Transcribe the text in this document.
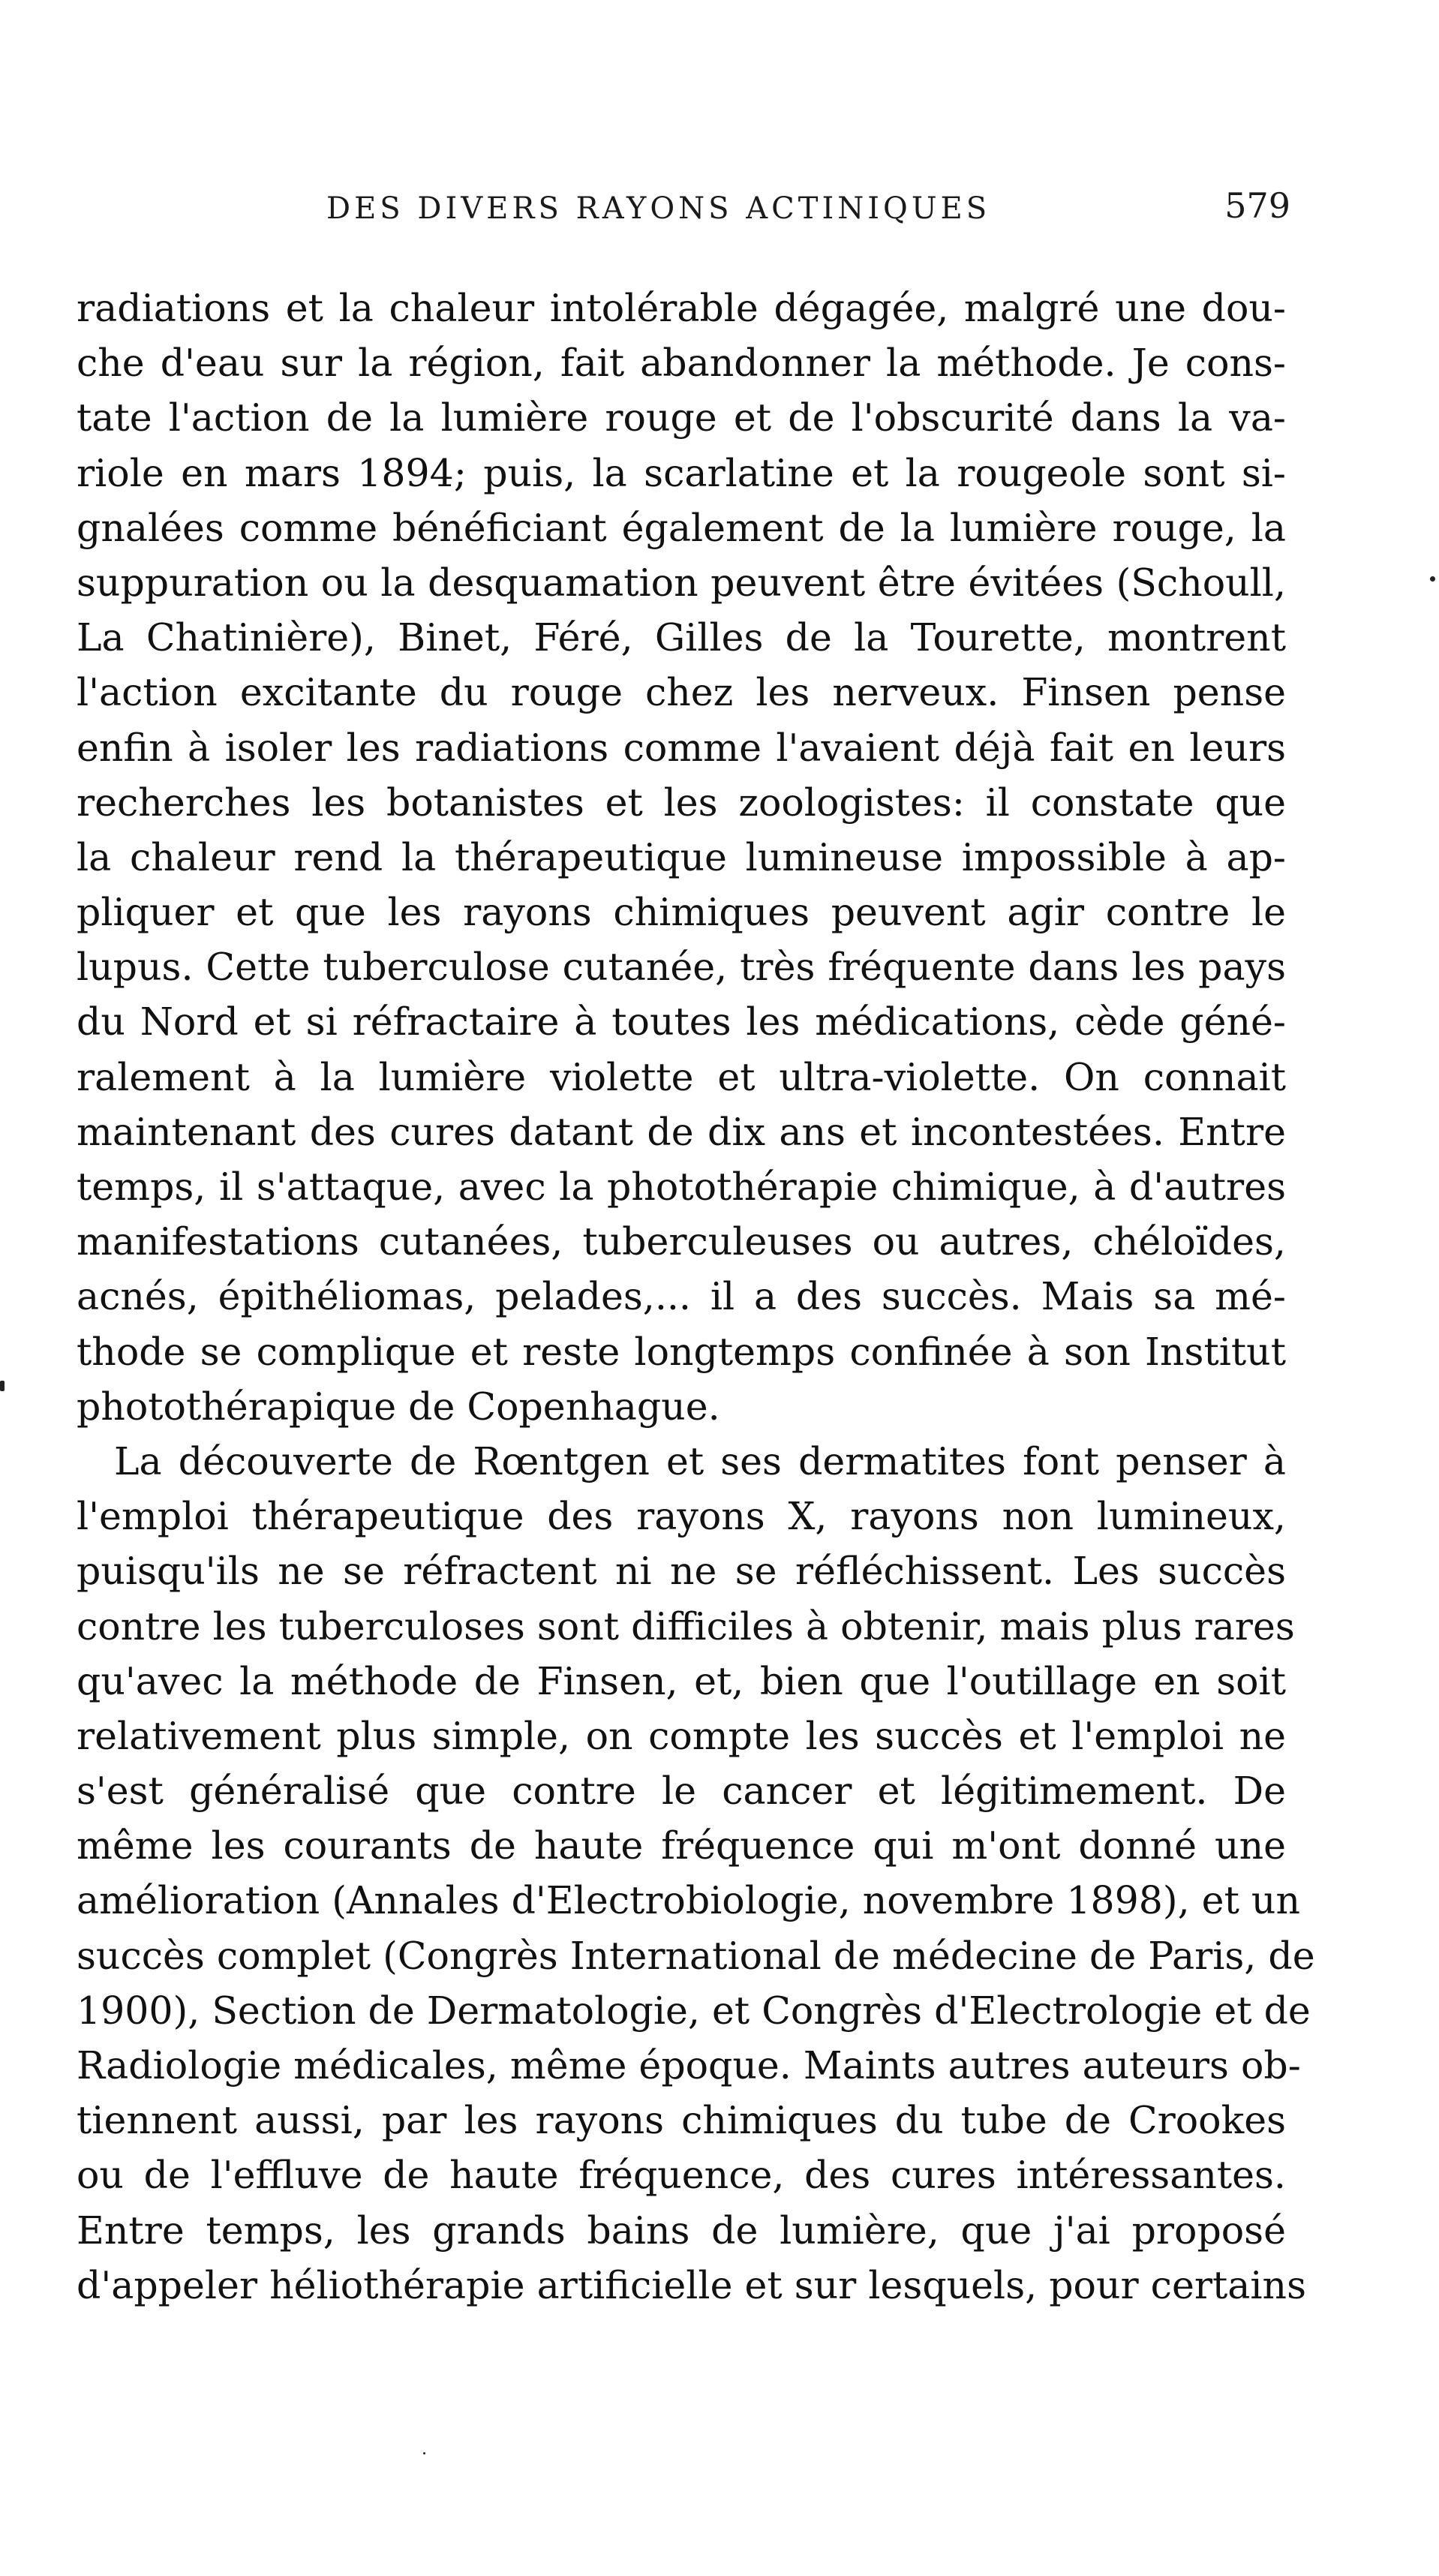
DES DIVERS RAYONS ACTINIQUES	579
radiations et la chaleur intolérable dégagée, malgré une dou-
che d'eau sur la région, fait abandonner la méthode. Je cons-
tate l'action de la lumière rouge et de l'obscurité dans la va-
riole en mars 1894; puis, la scarlatine et la rougeole sont si-
gnalées comme bénéficiant également de la lumière rouge, la
suppuration ou la desquamation peuvent être évitées (Schoull,
La Chatinière), Binet, Féré, Gilles de la Tourette, montrent
l'action excitante du rouge chez les nerveux. Finsen pense
enfin à isoler les radiations comme l'avaient déjà fait en leurs
recherches les botanistes et les zoologistes: il constate que
la chaleur rend la thérapeutique lumineuse impossible à ap-
pliquer et que les rayons chimiques peuvent agir contre le
lupus. Cette tuberculose cutanée, très fréquente dans les pays
du Nord et si réfractaire à toutes les médications, cède géné-
ralement à la lumière violette et ultra-violette. On connait
maintenant des cures datant de dix ans et incontestées. Entre
temps, il s'attaque, avec la photothérapie chimique, à d'autres
manifestations cutanées, tuberculeuses ou autres, chéloïdes,
acnés, épithéliomas, pelades,... il a des succès. Mais sa mé-
thode se complique et reste longtemps confinée à son Institut
photothérapique de Copenhague.
La découverte de Rœntgen et ses dermatites font penser à
l'emploi thérapeutique des rayons X, rayons non lumineux,
puisqu'ils ne se réfractent ni ne se réfléchissent. Les succès
contre les tuberculoses sont difficiles à obtenir, mais plus rares
qu'avec la méthode de Finsen, et, bien que l'outillage en soit
relativement plus simple, on compte les succès et l'emploi ne
s'est généralisé que contre le cancer et légitimement. De
même les courants de haute fréquence qui m'ont donné une
amélioration (Annales d'Electrobiologie, novembre 1898), et un
succès complet (Congrès International de médecine de Paris, de
1900), Section de Dermatologie, et Congrès d'Electrologie et de
Radiologie médicales, même époque. Maints autres auteurs ob-
tiennent aussi, par les rayons chimiques du tube de Crookes
ou de l'effluve de haute fréquence, des cures intéressantes.
Entre temps, les grands bains de lumière, que j'ai proposé
d'appeler héliothérapie artificielle et sur lesquels, pour certains
